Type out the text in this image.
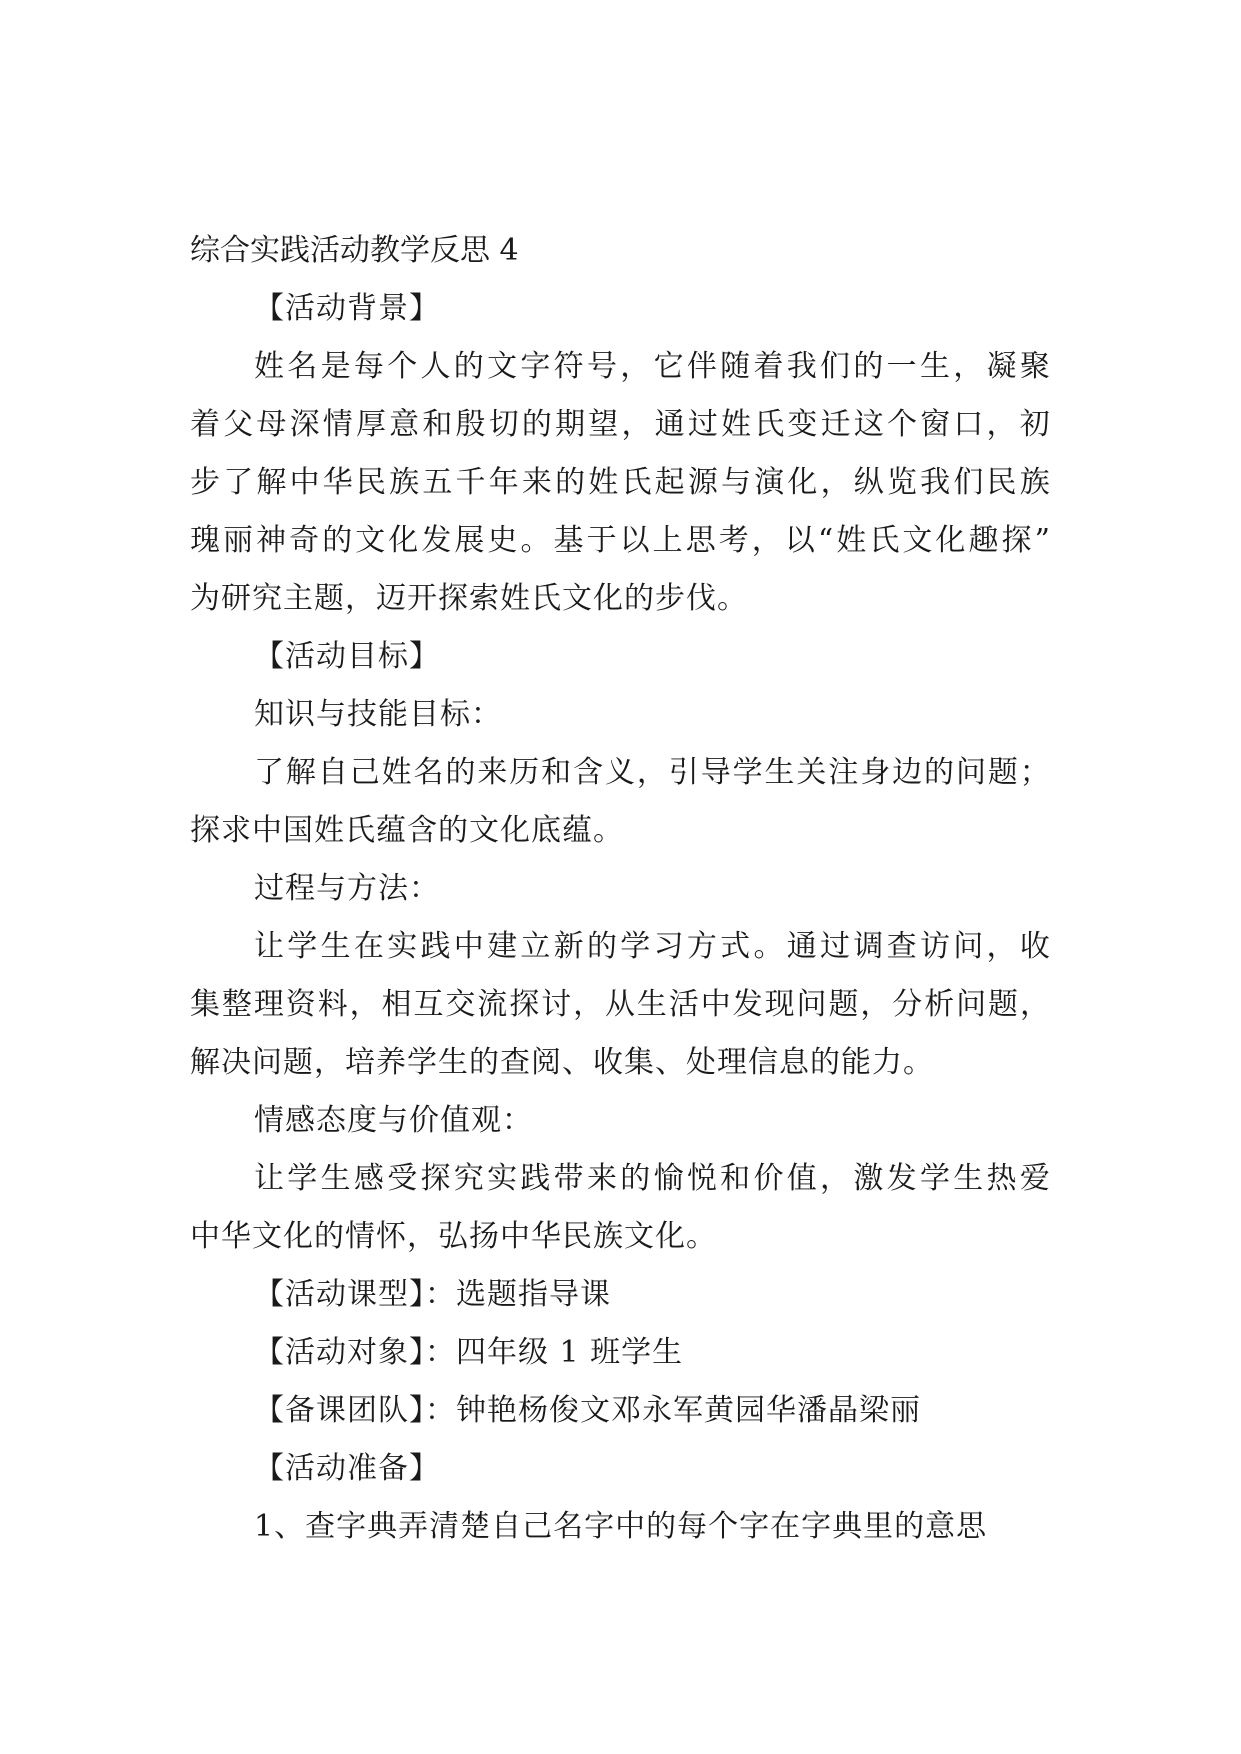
综合实践活动教学反思 4
【活动背景】
姓 名 是 每 个 人 的 文 字 符 号 ， 它 伴 随 着 我 们 的 一 生 ， 凝 聚
着 父 母 深 情 厚 意 和 殷 切 的 期 望 ， 通 过 姓 氏 变 迁 这 个 窗 口 ， 初
步 了 解 中 华 民 族 五 千 年 来 的 姓 氏 起 源 与 演 化 ， 纵 览 我 们 民 族
瑰 丽 神 奇 的 文 化 发 展 史 。 基 于 以 上 思 考 ， 以 “ 姓 氏 文 化 趣 探 ”
为研究主题，迈开探索姓氏文化的步伐。
【活动目标】
知识与技能目标：
了 解 自 己 姓 名 的 来 历 和 含 义 ， 引 导 学 生 关 注 身 边 的 问 题 ；
探求中国姓氏蕴含的文化底蕴。
过程与方法：
让 学 生 在 实 践 中 建 立 新 的 学 习 方 式 。 通 过 调 查 访 问 ， 收
集 整 理 资 料 ， 相 互 交 流 探 讨 ， 从 生 活 中 发 现 问 题 ， 分 析 问 题 ，
解决问题，培养学生的查阅、收集、处理信息的能力。
情感态度与价值观：
让 学 生 感 受 探 究 实 践 带 来 的 愉 悦 和 价 值 ， 激 发 学 生 热 爱
中华文化的情怀，弘扬中华民族文化。
【活动课型】：选题指导课
【活动对象】：四年级 1 班学生
【备课团队】：钟艳杨俊文邓永军黄园华潘晶梁丽
【活动准备】
1、查字典弄清楚自己名字中的每个字在字典里的意思
